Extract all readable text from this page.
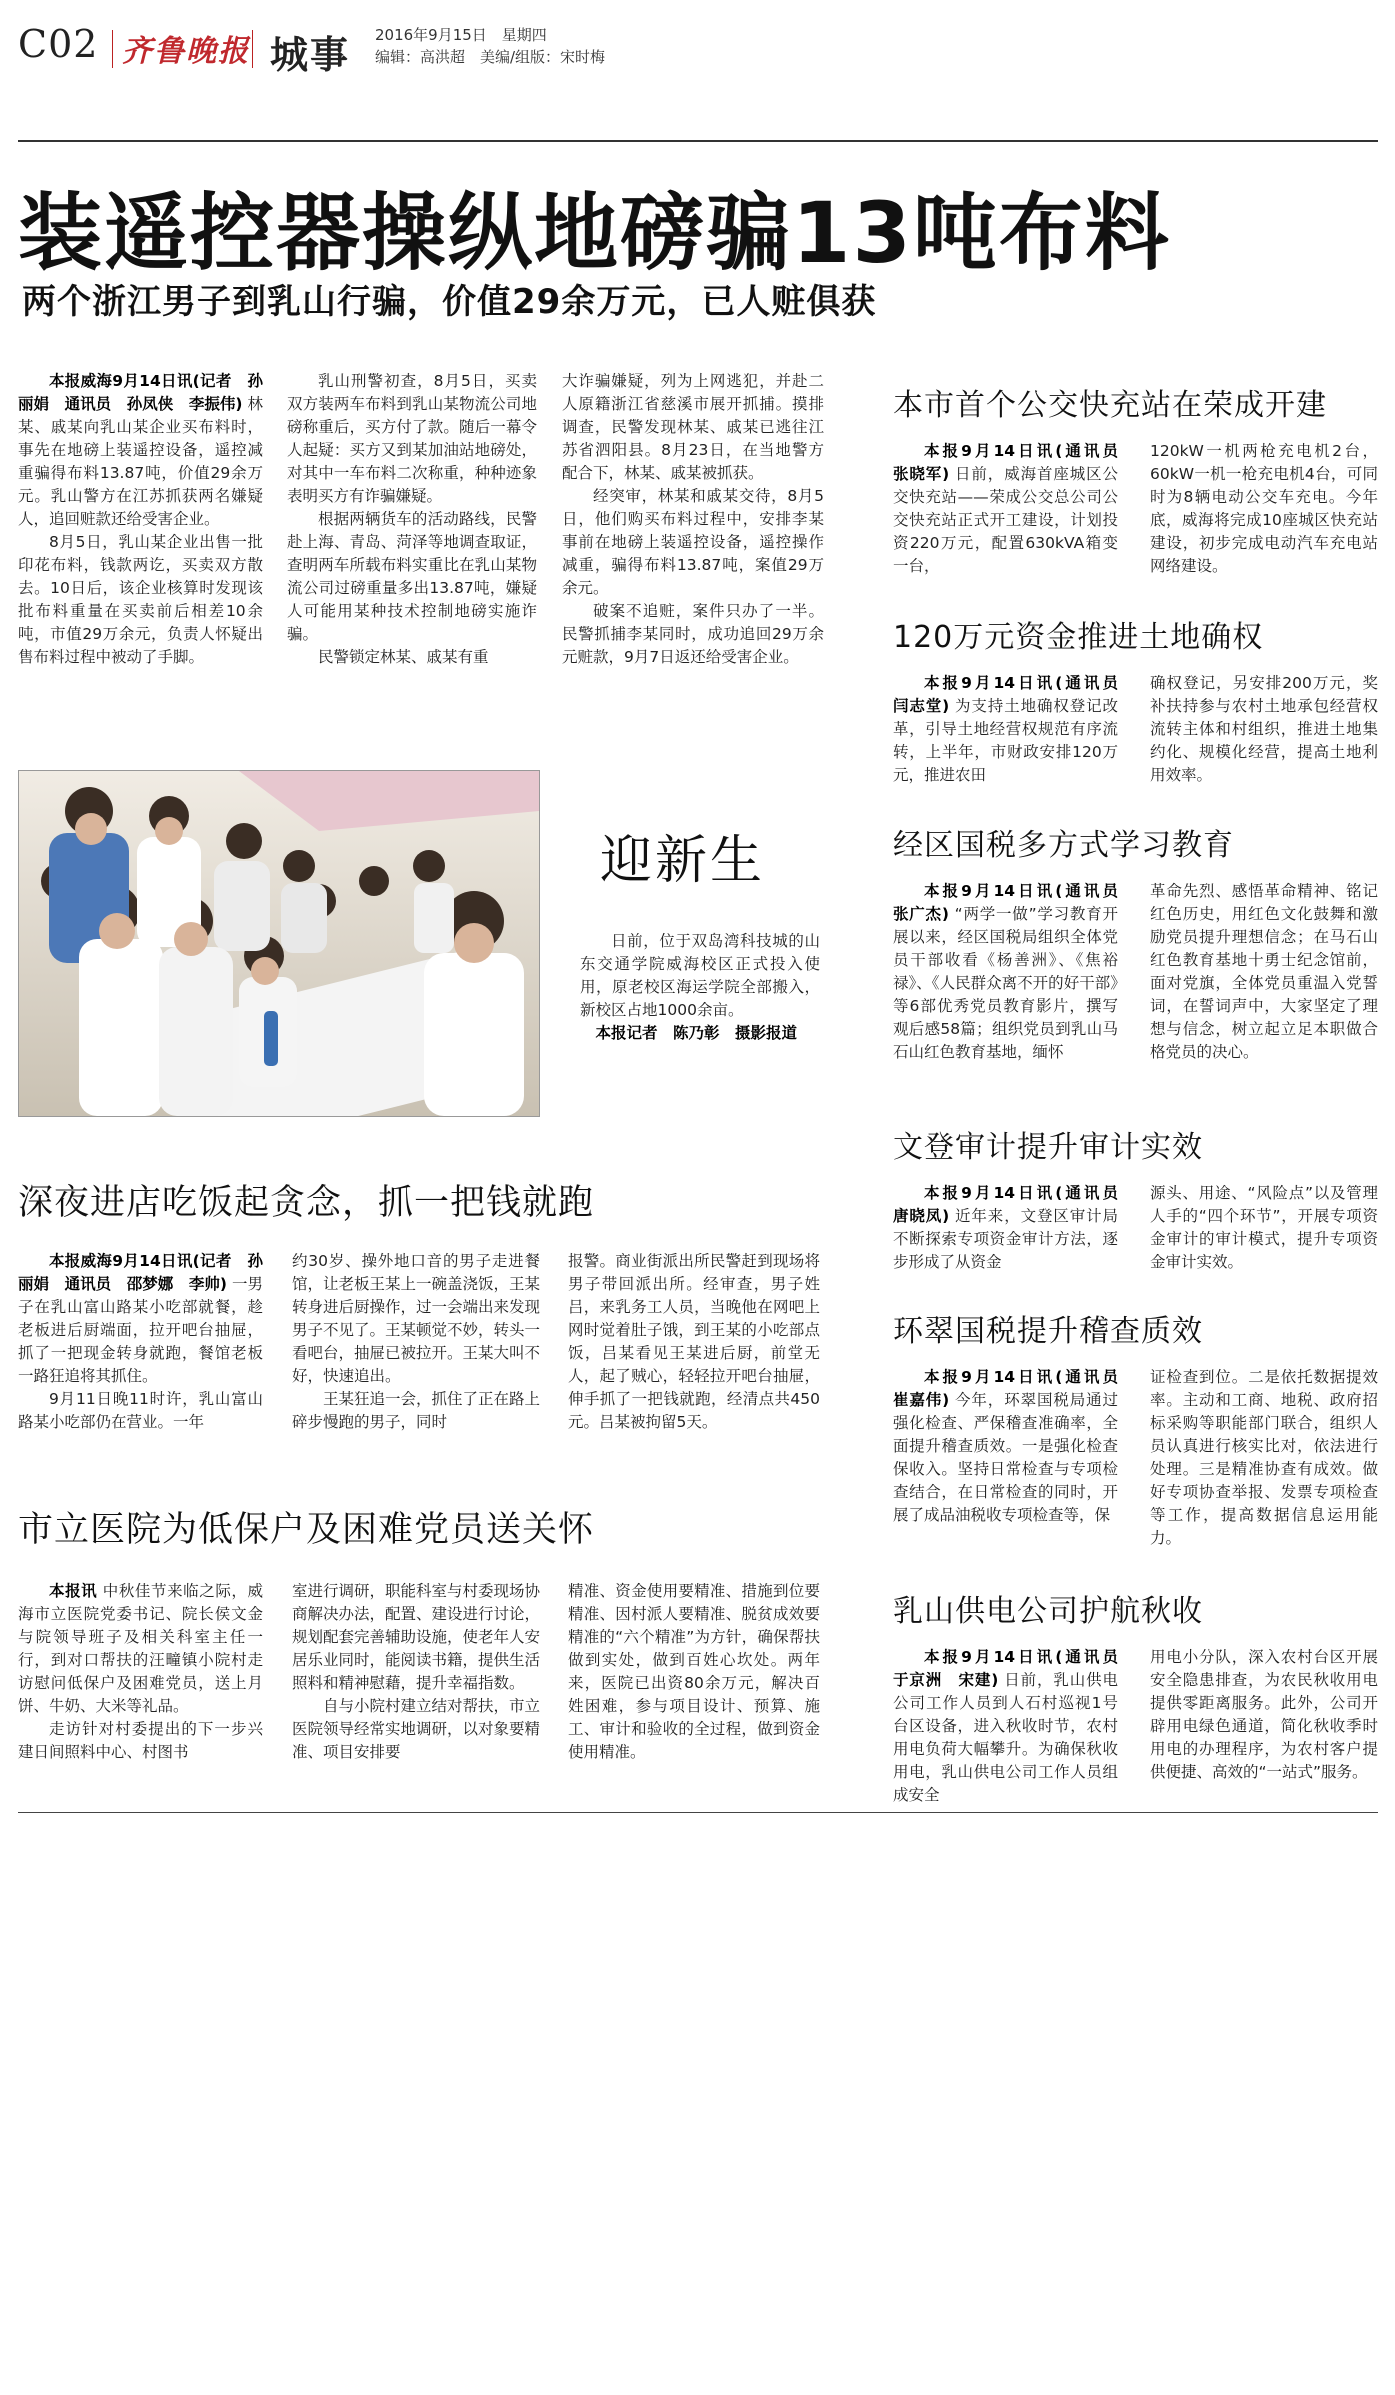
C02 齐鲁晚报 城事 2016年9月15日　星期四
编辑：高洪超　美编/组版：宋时梅
装遥控器操纵地磅骗13吨布料
两个浙江男子到乳山行骗，价值29余万元，已人赃俱获

本报威海9月14日讯(记者　孙丽娟　通讯员　孙凤侠　李振伟) 林某、戚某向乳山某企业买布料时，事先在地磅上装遥控设备，遥控减重骗得布料13.87吨，价值29余万元。乳山警方在江苏抓获两名嫌疑人，追回赃款还给受害企业。

8月5日，乳山某企业出售一批印花布料，钱款两讫，买卖双方散去。10日后，该企业核算时发现该批布料重量在买卖前后相差10余吨，市值29万余元，负责人怀疑出售布料过程中被动了手脚。

乳山刑警初查，8月5日，买卖双方装两车布料到乳山某物流公司地磅称重后，买方付了款。随后一幕令人起疑：买方又到某加油站地磅处，对其中一车布料二次称重，种种迹象表明买方有诈骗嫌疑。

根据两辆货车的活动路线，民警赴上海、青岛、菏泽等地调查取证，查明两车所载布料实重比在乳山某物流公司过磅重量多出13.87吨，嫌疑人可能用某种技术控制地磅实施诈骗。

民警锁定林某、戚某有重

大诈骗嫌疑，列为上网逃犯，并赴二人原籍浙江省慈溪市展开抓捕。摸排调查，民警发现林某、戚某已逃往江苏省泗阳县。8月23日，在当地警方配合下，林某、戚某被抓获。

经突审，林某和戚某交待，8月5日，他们购买布料过程中，安排李某事前在地磅上装遥控设备，遥控操作减重，骗得布料13.87吨，案值29万余元。

破案不追赃，案件只办了一半。民警抓捕李某同时，成功追回29万余元赃款，9月7日返还给受害企业。

迎新生

日前，位于双岛湾科技城的山东交通学院威海校区正式投入使用，原老校区海运学院全部搬入，新校区占地1000余亩。

本报记者　陈乃彰　摄影报道

深夜进店吃饭起贪念，抓一把钱就跑

本报威海9月14日讯(记者　孙丽娟　通讯员　邵梦娜　李帅) 一男子在乳山富山路某小吃部就餐，趁老板进后厨端面，拉开吧台抽屉，抓了一把现金转身就跑，餐馆老板一路狂追将其抓住。

9月11日晚11时许，乳山富山路某小吃部仍在营业。一年

约30岁、操外地口音的男子走进餐馆，让老板王某上一碗盖浇饭，王某转身进后厨操作，过一会端出来发现男子不见了。王某顿觉不妙，转头一看吧台，抽屉已被拉开。王某大叫不好，快速追出。

王某狂追一会，抓住了正在路上碎步慢跑的男子，同时

报警。商业街派出所民警赶到现场将男子带回派出所。经审查，男子姓吕，来乳务工人员，当晚他在网吧上网时觉着肚子饿，到王某的小吃部点饭，吕某看见王某进后厨，前堂无人，起了贼心，轻轻拉开吧台抽屉，伸手抓了一把钱就跑，经清点共450元。吕某被拘留5天。

市立医院为低保户及困难党员送关怀

本报讯 中秋佳节来临之际，威海市立医院党委书记、院长侯文金与院领导班子及相关科室主任一行，到对口帮扶的汪疃镇小院村走访慰问低保户及困难党员，送上月饼、牛奶、大米等礼品。

走访针对村委提出的下一步兴建日间照料中心、村图书

室进行调研，职能科室与村委现场协商解决办法，配置、建设进行讨论，规划配套完善辅助设施，使老年人安居乐业同时，能阅读书籍，提供生活照料和精神慰藉，提升幸福指数。

自与小院村建立结对帮扶，市立医院领导经常实地调研，以对象要精准、项目安排要

精准、资金使用要精准、措施到位要精准、因村派人要精准、脱贫成效要精准的“六个精准”为方针，确保帮扶做到实处，做到百姓心坎处。两年来，医院已出资80余万元，解决百姓困难，参与项目设计、预算、施工、审计和验收的全过程，做到资金使用精准。

本市首个公交快充站在荣成开建

本报9月14日讯(通讯员　张晓军) 日前，威海首座城区公交快充站——荣成公交总公司公交快充站正式开工建设，计划投资220万元，配置630kVA箱变一台，

120kW一机两枪充电机2台，60kW一机一枪充电机4台，可同时为8辆电动公交车充电。今年底，威海将完成10座城区快充站建设，初步完成电动汽车充电站网络建设。

120万元资金推进土地确权

本报9月14日讯(通讯员　闫志堂) 为支持土地确权登记改革，引导土地经营权规范有序流转，上半年，市财政安排120万元，推进农田

确权登记，另安排200万元，奖补扶持参与农村土地承包经营权流转主体和村组织，推进土地集约化、规模化经营，提高土地利用效率。

经区国税多方式学习教育

本报9月14日讯(通讯员　张广杰) “两学一做”学习教育开展以来，经区国税局组织全体党员干部收看《杨善洲》、《焦裕禄》、《人民群众离不开的好干部》等6部优秀党员教育影片，撰写观后感58篇；组织党员到乳山马石山红色教育基地，缅怀

革命先烈、感悟革命精神、铭记红色历史，用红色文化鼓舞和激励党员提升理想信念；在马石山红色教育基地十勇士纪念馆前，面对党旗，全体党员重温入党誓词，在誓词声中，大家坚定了理想与信念，树立起立足本职做合格党员的决心。

文登审计提升审计实效

本报9月14日讯(通讯员　唐晓凤) 近年来，文登区审计局不断探索专项资金审计方法，逐步形成了从资金

源头、用途、“风险点”以及管理人手的“四个环节”，开展专项资金审计的审计模式，提升专项资金审计实效。

环翠国税提升稽查质效

本报9月14日讯(通讯员　崔嘉伟) 今年，环翠国税局通过强化检查、严保稽查准确率，全面提升稽查质效。一是强化检查保收入。坚持日常检查与专项检查结合，在日常检查的同时，开展了成品油税收专项检查等，保

证检查到位。二是依托数据提效率。主动和工商、地税、政府招标采购等职能部门联合，组织人员认真进行核实比对，依法进行处理。三是精准协查有成效。做好专项协查举报、发票专项检查等工作，提高数据信息运用能力。

乳山供电公司护航秋收

本报9月14日讯(通讯员　于京洲　宋建) 日前，乳山供电公司工作人员到人石村巡视1号台区设备，进入秋收时节，农村用电负荷大幅攀升。为确保秋收用电，乳山供电公司工作人员组成安全

用电小分队，深入农村台区开展安全隐患排查，为农民秋收用电提供零距离服务。此外，公司开辟用电绿色通道，简化秋收季时用电的办理程序，为农村客户提供便捷、高效的“一站式”服务。
